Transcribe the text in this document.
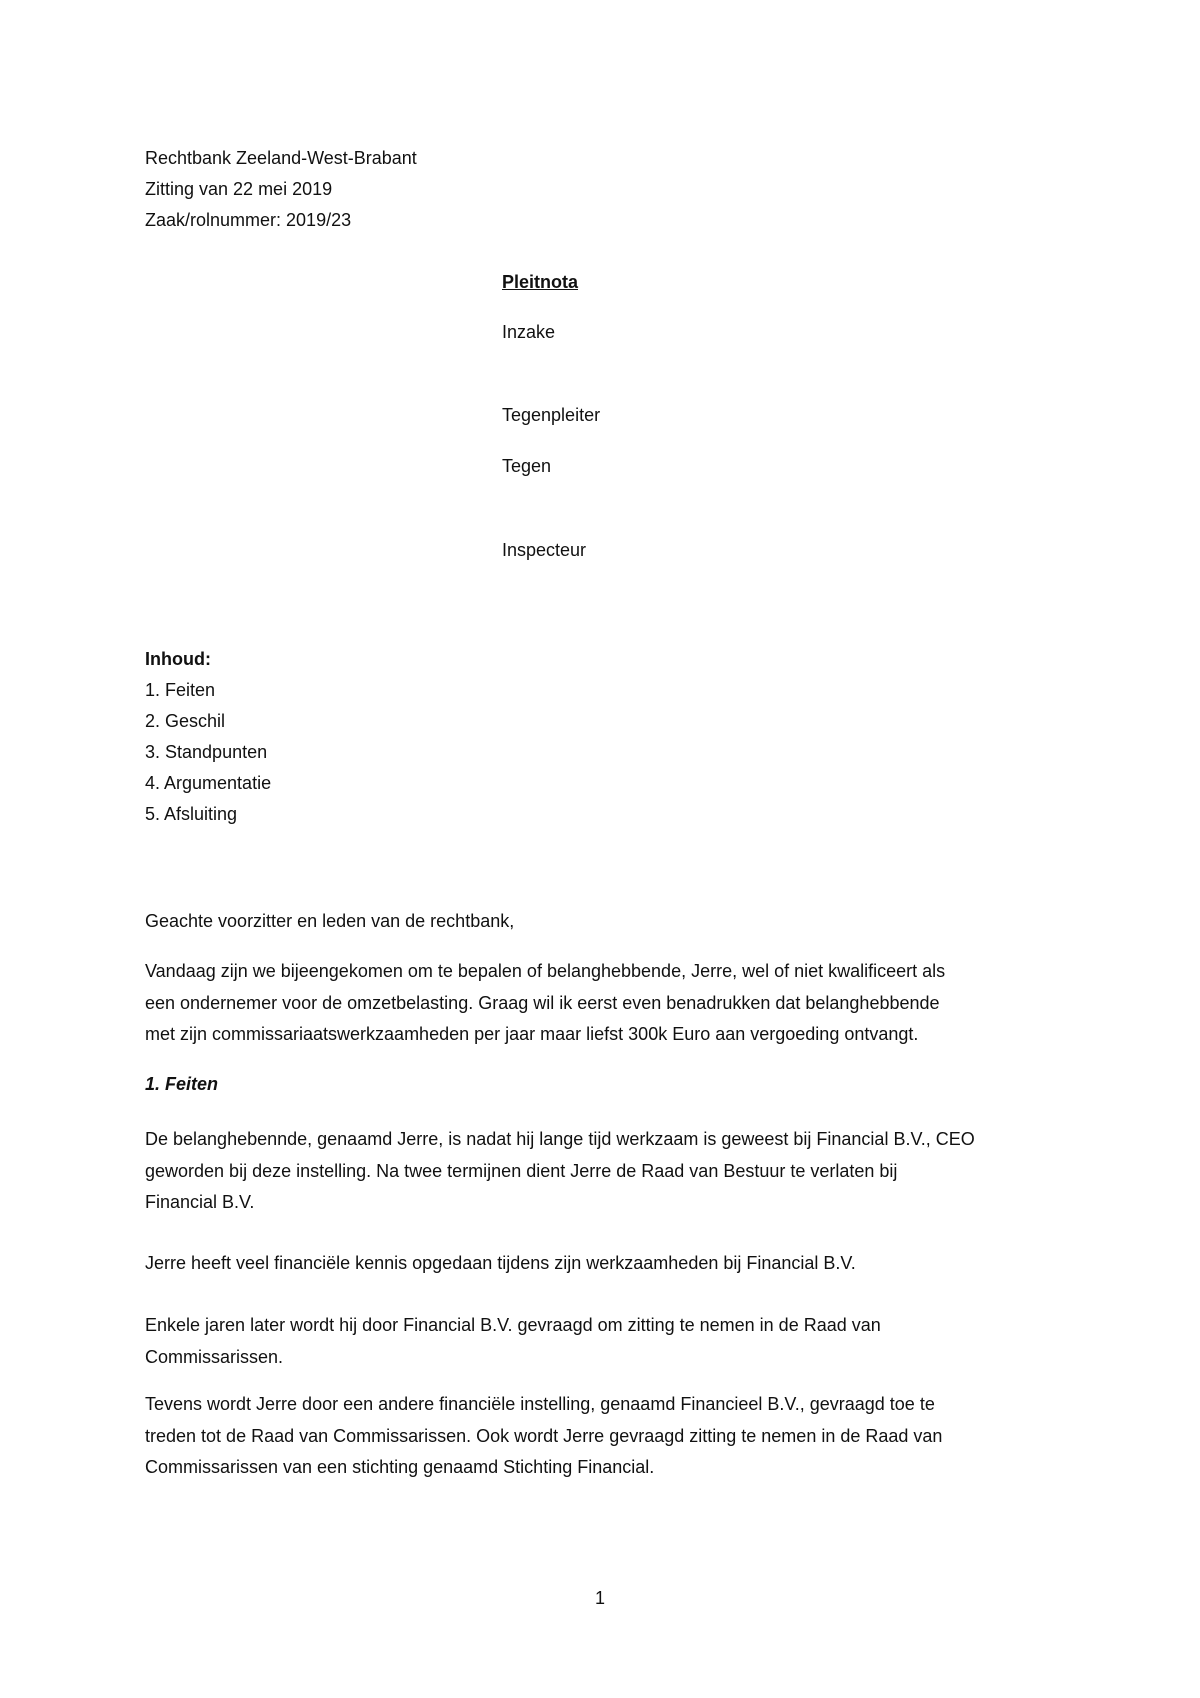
Rechtbank Zeeland-West-Brabant
Zitting van 22 mei 2019
Zaak/rolnummer: 2019/23
Pleitnota
Inzake
Tegenpleiter
Tegen
Inspecteur
Inhoud:
1. Feiten
2. Geschil
3. Standpunten
4. Argumentatie
5. Afsluiting
Geachte voorzitter en leden van de rechtbank,
Vandaag zijn we bijeengekomen om te bepalen of belanghebbende, Jerre, wel of niet kwalificeert als
een ondernemer voor de omzetbelasting. Graag wil ik eerst even benadrukken dat belanghebbende
met zijn commissariaatswerkzaamheden per jaar maar liefst 300k Euro aan vergoeding ontvangt.
1. Feiten
De belanghebennde, genaamd Jerre, is nadat hij lange tijd werkzaam is geweest bij Financial B.V., CEO
geworden bij deze instelling. Na twee termijnen dient Jerre de Raad van Bestuur te verlaten bij
Financial B.V.
Jerre heeft veel financiële kennis opgedaan tijdens zijn werkzaamheden bij Financial B.V.
Enkele jaren later wordt hij door Financial B.V. gevraagd om zitting te nemen in de Raad van
Commissarissen.
Tevens wordt Jerre door een andere financiële instelling, genaamd Financieel B.V., gevraagd toe te
treden tot de Raad van Commissarissen. Ook wordt Jerre gevraagd zitting te nemen in de Raad van
Commissarissen van een stichting genaamd Stichting Financial.
1
